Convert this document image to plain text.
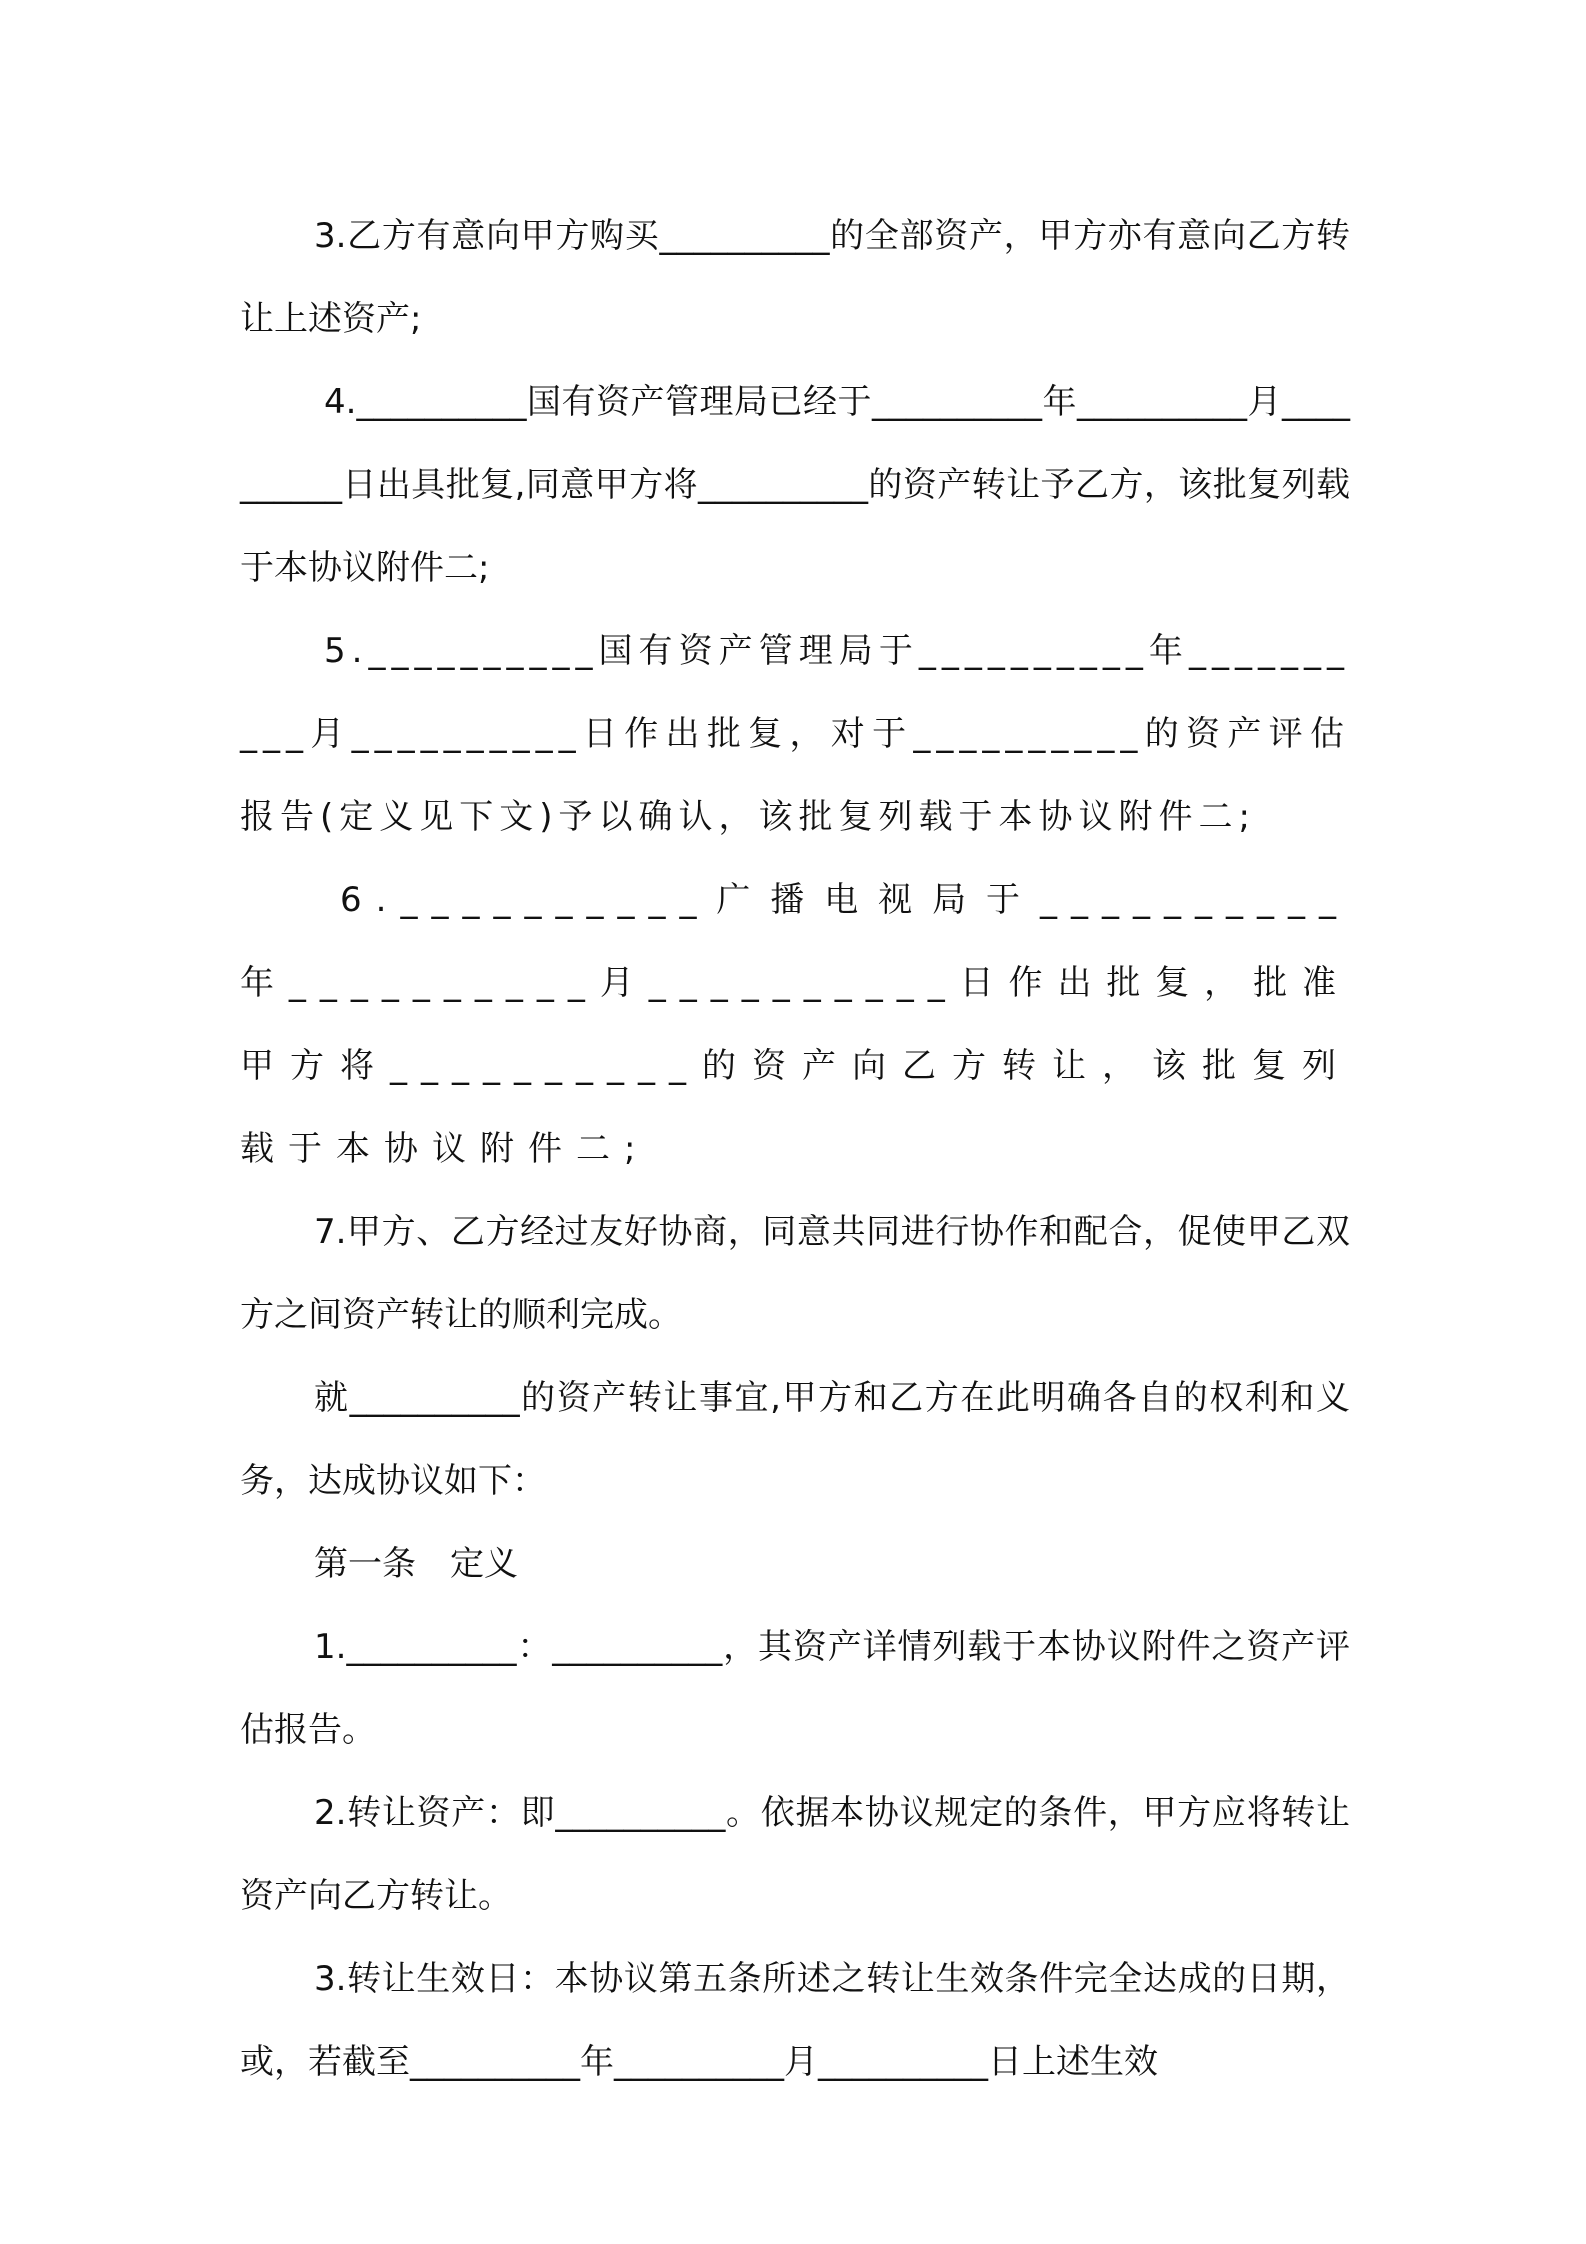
3.乙方有意向甲方购买__________的全部资产，甲方亦有意向乙方转让上述资产;

4.__________国有资产管理局已经于__________年__________月__________日出具批复,同意甲方将__________的资产转让予乙方，该批复列载于本协议附件二;

5.__________国有资产管理局于__________年__________月__________日作出批复，对于__________的资产评估报告(定义见下文)予以确认，该批复列载于本协议附件二;

6.__________广播电视局于__________年__________月__________日作出批复，批准甲方将__________的资产向乙方转让，该批复列载于本协议附件二;

7.甲方、乙方经过友好协商，同意共同进行协作和配合，促使甲乙双方之间资产转让的顺利完成。

就__________的资产转让事宜,甲方和乙方在此明确各自的权利和义务，达成协议如下：

第一条　定义

1.__________：__________，其资产详情列载于本协议附件之资产评估报告。

2.转让资产：即__________。依据本协议规定的条件，甲方应将转让资产向乙方转让。

3.转让生效日：本协议第五条所述之转让生效条件完全达成的日期，或，若截至__________年__________月__________日上述生效
